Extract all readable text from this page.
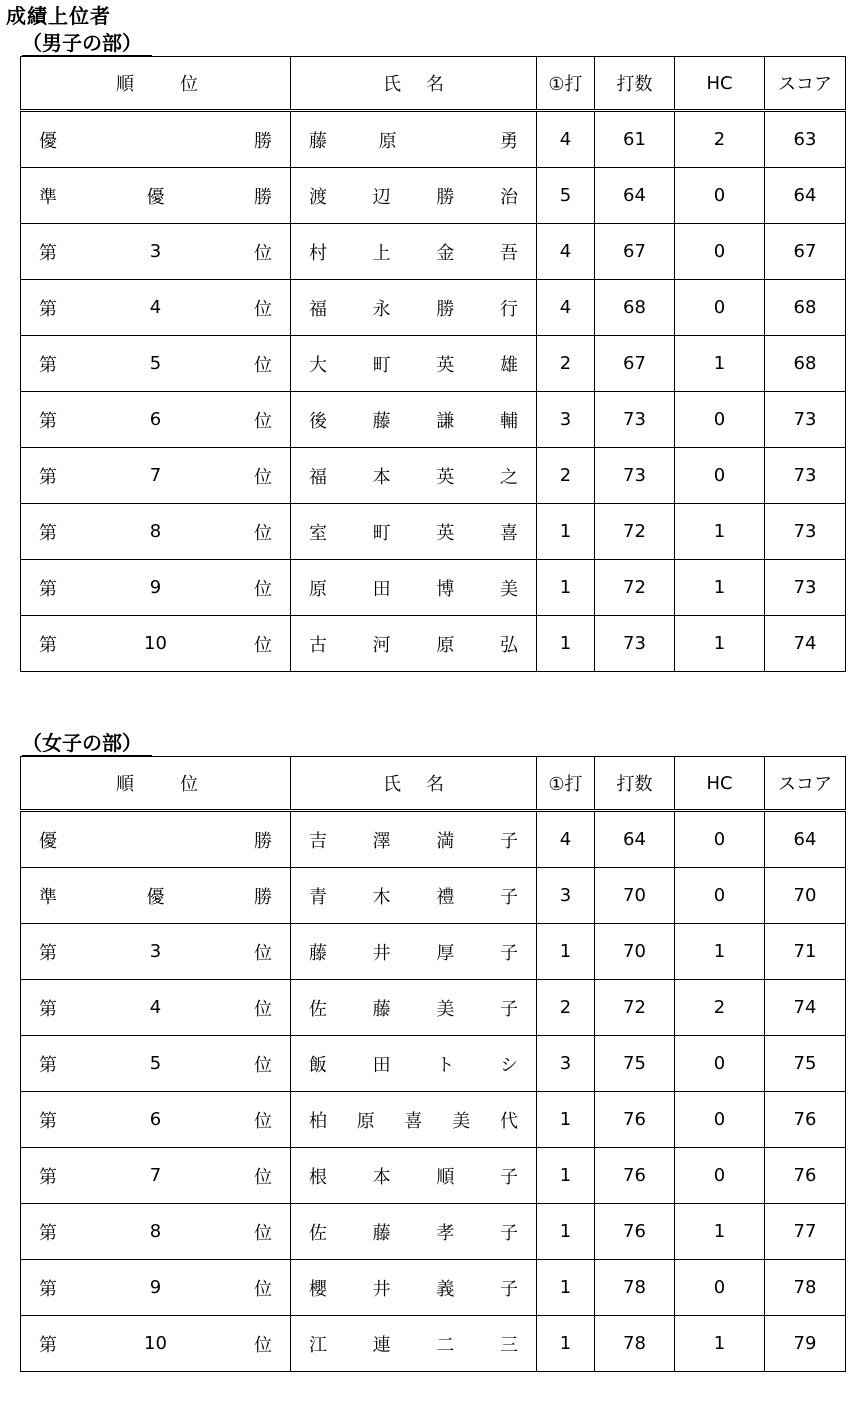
成績上位者
（男子の部）
順 位	氏 名	①打	打数	HC	スコア

優 勝	藤 原 勇	4	61	2	63

準 優 勝	渡 辺 勝 治	5	64	0	64

第 3 位	村 上 金 吾	4	67	0	67

第 4 位	福 永 勝 行	4	68	0	68

第 5 位	大 町 英 雄	2	67	1	68

第 6 位	後 藤 謙 輔	3	73	0	73

第 7 位	福 本 英 之	2	73	0	73

第 8 位	室 町 英 喜	1	72	1	73

第 9 位	原 田 博 美	1	72	1	73

第 10 位	古 河 原 弘	1	73	1	74
（女子の部）
順 位	氏 名	①打	打数	HC	スコア

優 勝	吉 澤 満 子	4	64	0	64

準 優 勝	青 木 禮 子	3	70	0	70

第 3 位	藤 井 厚 子	1	70	1	71

第 4 位	佐 藤 美 子	2	72	2	74

第 5 位	飯 田 ト シ	3	75	0	75

第 6 位	柏 原 喜 美 代	1	76	0	76

第 7 位	根 本 順 子	1	76	0	76

第 8 位	佐 藤 孝 子	1	76	1	77

第 9 位	櫻 井 義 子	1	78	0	78

第 10 位	江 連 二 三	1	78	1	79
